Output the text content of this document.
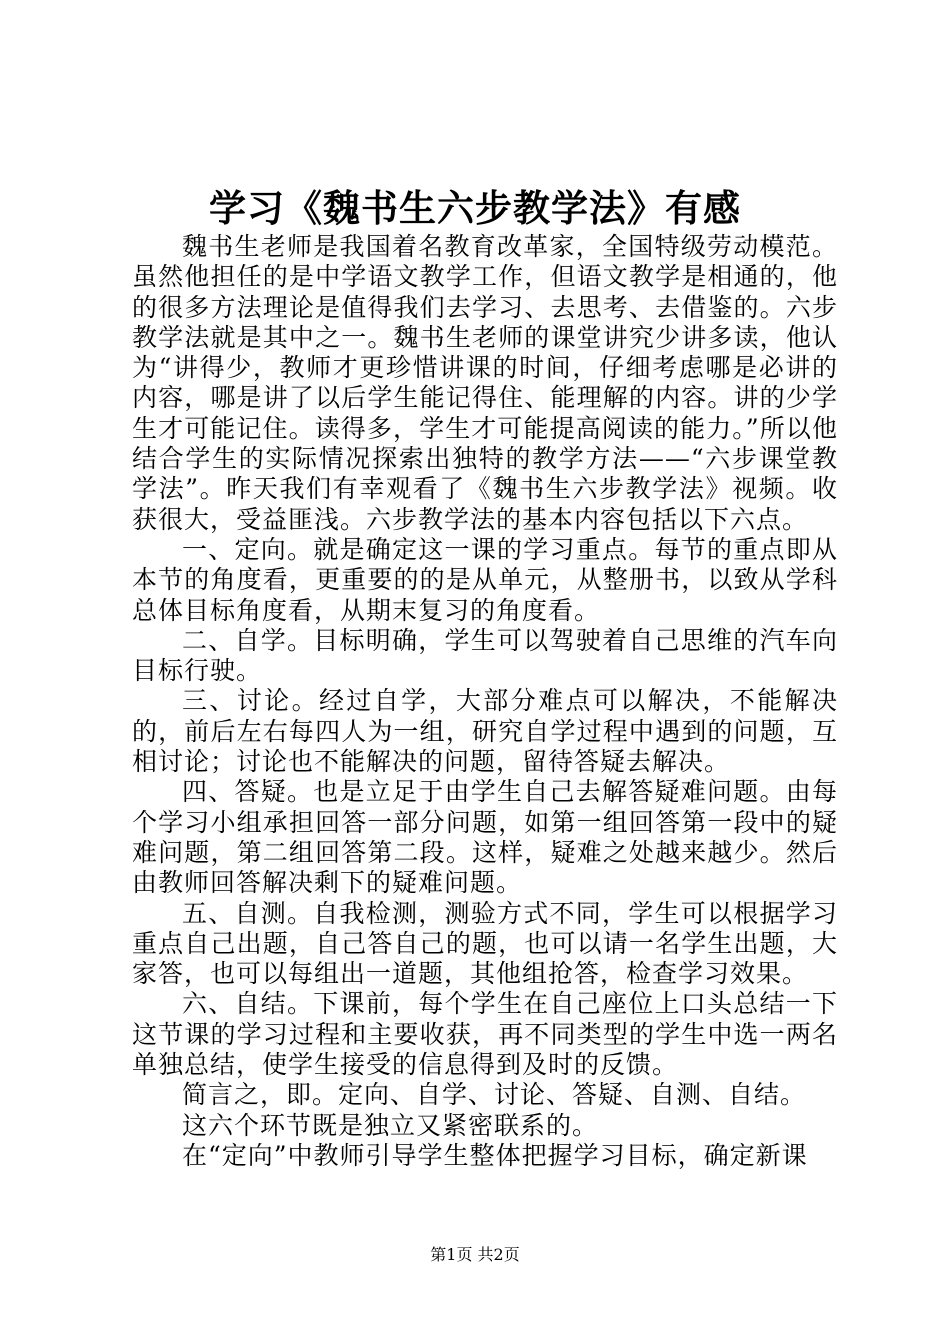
学习《魏书生六步教学法》有感

魏书生老师是我国着名教育改革家，全国特级劳动模范。虽然他担任的是中学语文教学工作，但语文教学是相通的，他的很多方法理论是值得我们去学习、去思考、去借鉴的。六步教学法就是其中之一。魏书生老师的课堂讲究少讲多读，他认为“讲得少，教师才更珍惜讲课的时间，仔细考虑哪是必讲的内容，哪是讲了以后学生能记得住、能理解的内容。讲的少学生才可能记住。读得多，学生才可能提高阅读的能力。”所以他结合学生的实际情况探索出独特的教学方法——“六步课堂教学法”。昨天我们有幸观看了《魏书生六步教学法》视频。收获很大，受益匪浅。六步教学法的基本内容包括以下六点。

一、定向。就是确定这一课的学习重点。每节的重点即从本节的角度看，更重要的的是从单元，从整册书，以致从学科总体目标角度看，从期末复习的角度看。

二、自学。目标明确，学生可以驾驶着自己思维的汽车向目标行驶。

三、讨论。经过自学，大部分难点可以解决，不能解决的，前后左右每四人为一组，研究自学过程中遇到的问题，互相讨论；讨论也不能解决的问题，留待答疑去解决。

四、答疑。也是立足于由学生自己去解答疑难问题。由每个学习小组承担回答一部分问题，如第一组回答第一段中的疑难问题，第二组回答第二段。这样，疑难之处越来越少。然后由教师回答解决剩下的疑难问题。

五、自测。自我检测，测验方式不同，学生可以根据学习重点自己出题，自己答自己的题，也可以请一名学生出题，大家答，也可以每组出一道题，其他组抢答，检查学习效果。

六、自结。下课前，每个学生在自己座位上口头总结一下这节课的学习过程和主要收获，再不同类型的学生中选一两名单独总结，使学生接受的信息得到及时的反馈。

简言之，即。定向、自学、讨论、答疑、自测、自结。

这六个环节既是独立又紧密联系的。

在“定向”中教师引导学生整体把握学习目标，确定新课

第1页 共2页
